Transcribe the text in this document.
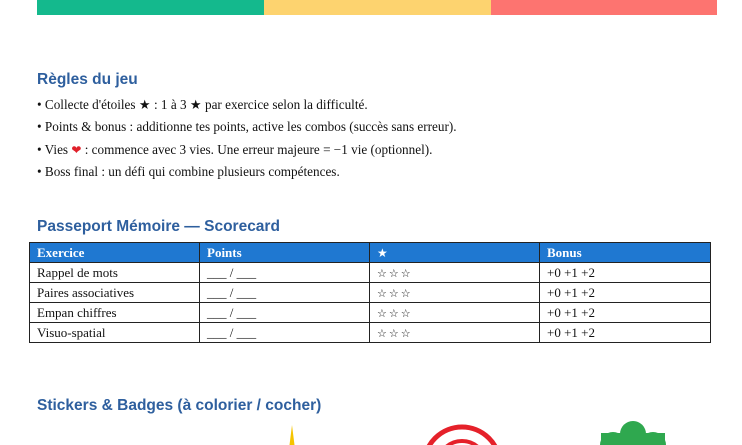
Règles du jeu
• Collecte d'étoiles ★ : 1 à 3 ★ par exercice selon la difficulté.
• Points & bonus : additionne tes points, active les combos (succès sans erreur).
• Vies ❤ : commence avec 3 vies. Une erreur majeure = −1 vie (optionnel).
• Boss final : un défi qui combine plusieurs compétences.
Passeport Mémoire — Scorecard
Exercice	Points	★	Bonus
Rappel de mots	___ / ___	☆☆☆	+0 +1 +2
Paires associatives	___ / ___	☆☆☆	+0 +1 +2
Empan chiffres	___ / ___	☆☆☆	+0 +1 +2
Visuo-spatial	___ / ___	☆☆☆	+0 +1 +2
Stickers & Badges (à colorier / cocher)
